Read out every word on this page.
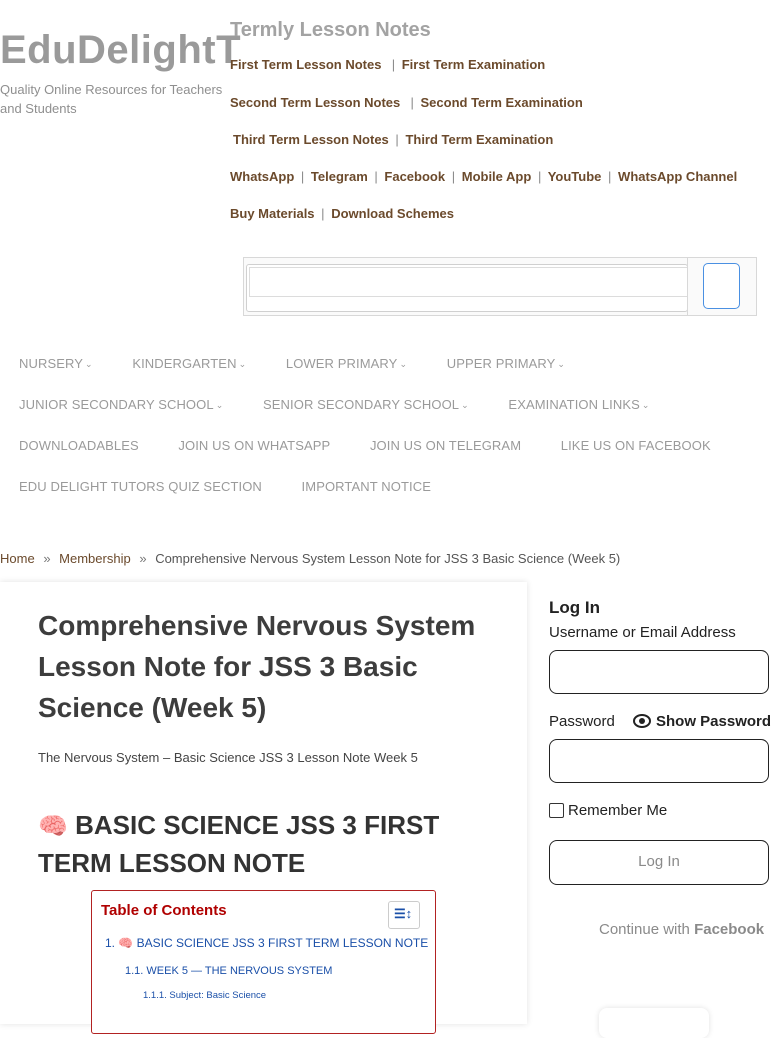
EduDelightT
Quality Online Resources for Teachers and Students
Termly Lesson Notes
First Term Lesson Notes  | First Term Examination
Second Term Lesson Notes  | Second Term Examination
Third Term Lesson Notes | Third Term Examination
WhatsApp | Telegram | Facebook | Mobile App | YouTube | WhatsApp Channel
Buy Materials | Download Schemes
NURSERY ⌄	KINDERGARTEN ⌄	LOWER PRIMARY ⌄	UPPER PRIMARY ⌄
JUNIOR SECONDARY SCHOOL ⌄	SENIOR SECONDARY SCHOOL ⌄	EXAMINATION LINKS ⌄
DOWNLOADABLES	JOIN US ON WHATSAPP	JOIN US ON TELEGRAM	LIKE US ON FACEBOOK
EDU DELIGHT TUTORS QUIZ SECTION	IMPORTANT NOTICE
Home » Membership » Comprehensive Nervous System Lesson Note for JSS 3 Basic Science (Week 5)
Comprehensive Nervous System Lesson Note for JSS 3 Basic Science (Week 5)
The Nervous System – Basic Science JSS 3 Lesson Note Week 5
🧠 BASIC SCIENCE JSS 3 FIRST TERM LESSON NOTE
Table of Contents	☰↕
1. 🧠 BASIC SCIENCE JSS 3 FIRST TERM LESSON NOTE
1.1. WEEK 5 — THE NERVOUS SYSTEM
1.1.1. Subject: Basic Science
Log In
Username or Email Address
Password	Show Password
Remember Me
Log In
Continue with Facebook
